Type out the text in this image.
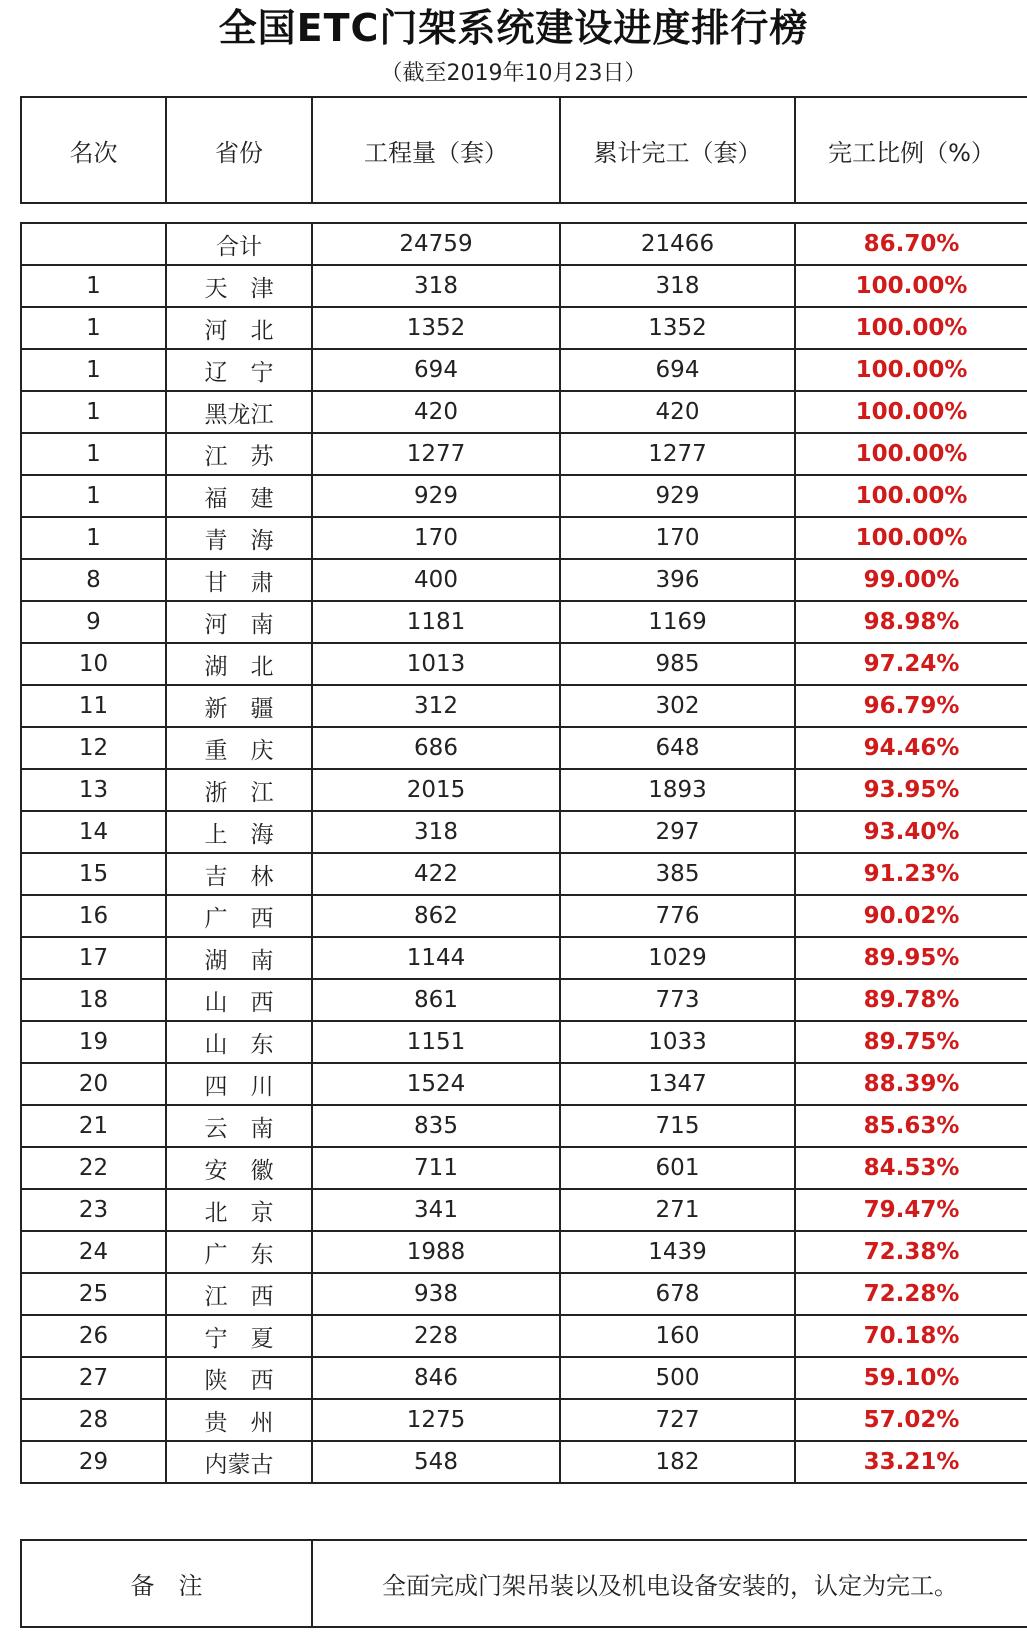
全国ETC门架系统建设进度排行榜
（截至2019年10月23日）
名次	省份	工程量（套）	累计完工（套）	完工比例（%）
	合计	24759	21466	86.70%
1	天　津	318	318	100.00%
1	河　北	1352	1352	100.00%
1	辽　宁	694	694	100.00%
1	黑龙江	420	420	100.00%
1	江　苏	1277	1277	100.00%
1	福　建	929	929	100.00%
1	青　海	170	170	100.00%
8	甘　肃	400	396	99.00%
9	河　南	1181	1169	98.98%
10	湖　北	1013	985	97.24%
11	新　疆	312	302	96.79%
12	重　庆	686	648	94.46%
13	浙　江	2015	1893	93.95%
14	上　海	318	297	93.40%
15	吉　林	422	385	91.23%
16	广　西	862	776	90.02%
17	湖　南	1144	1029	89.95%
18	山　西	861	773	89.78%
19	山　东	1151	1033	89.75%
20	四　川	1524	1347	88.39%
21	云　南	835	715	85.63%
22	安　徽	711	601	84.53%
23	北　京	341	271	79.47%
24	广　东	1988	1439	72.38%
25	江　西	938	678	72.28%
26	宁　夏	228	160	70.18%
27	陕　西	846	500	59.10%
28	贵　州	1275	727	57.02%
29	内蒙古	548	182	33.21%
备　注	全面完成门架吊装以及机电设备安装的，认定为完工。
